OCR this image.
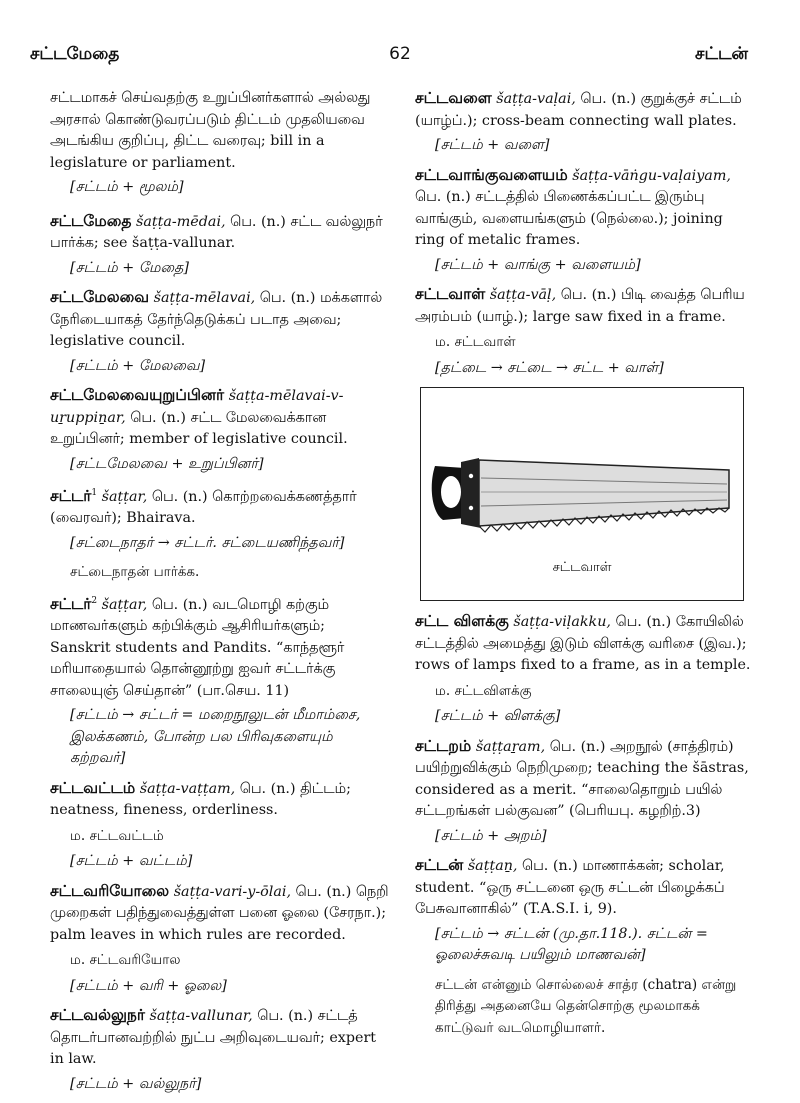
சட்டமேதை	62	சட்டன்
சட்டமாகச் செய்வதற்கு உறுப்பினர்களால் அல்லது அரசால் கொண்டுவரப்படும் திட்டம் முதலியவை அடங்கிய குறிப்பு, திட்ட வரைவு; bill in a legislature or parliament.
[சட்டம் + மூலம்]
சட்டமேதை šaṭṭa-mēdai, பெ. (n.) சட்ட வல்லுநர் பார்க்க; see šaṭṭa-vallunar.
[சட்டம் + மேதை]
சட்டமேலவை šaṭṭa-mēlavai, பெ. (n.) மக்களால் நேரிடையாகத் தேர்ந்தெடுக்கப் படாத அவை; legislative council.
[சட்டம் + மேலவை]
சட்டமேலவையுறுப்பினர் šaṭṭa-mēlavai-v-uṟuppiṉar, பெ. (n.) சட்ட மேலவைக்கான உறுப்பினர்; member of legislative council.
[சட்டமேலவை + உறுப்பினர்]
சட்டர்$^1$ šaṭṭar, பெ. (n.) கொற்றவைக்கணத்தார் (வைரவர்); Bhairava.
[சட்டைநாதர் → சட்டர். சட்டையணிந்தவர்]
சட்டைநாதன் பார்க்க.
சட்டர்$^2$ šaṭṭar, பெ. (n.) வடமொழி கற்கும் மாணவர்களும் கற்பிக்கும் ஆசிரியர்களும்; Sanskrit students and Pandits. “காந்தளூர் மரியாதையால் தொன்னூற்று ஐவர் சட்டர்க்கு சாலையுஞ் செய்தான்” (பா.செய. 11)
[சட்டம் → சட்டர் = மறைநூலுடன் மீமாம்சை, இலக்கணம், போன்ற பல பிரிவுகளையும் கற்றவர்]
சட்டவட்டம் šaṭṭa-vaṭṭam, பெ. (n.) திட்டம்; neatness, fineness, orderliness.
ம. சட்டவட்டம்
[சட்டம் + வட்டம்]
சட்டவரியோலை šaṭṭa-vari-y-ōlai, பெ. (n.) நெறி முறைகள் பதிந்துவைத்துள்ள பனை ஓலை (சேரநா.); palm leaves in which rules are recorded.
ம. சட்டவரியோல
[சட்டம் + வரி + ஓலை]
சட்டவல்லுநர் šaṭṭa-vallunar, பெ. (n.) சட்டத் தொடர்பானவற்றில் நுட்ப அறிவுடையவர்; expert in law.
[சட்டம் + வல்லுநர்]
சட்டவளை šaṭṭa-vaḷai, பெ. (n.) குறுக்குச் சட்டம் (யாழ்ப்.); cross-beam connecting wall plates.
[சட்டம் + வளை]
சட்டவாங்குவளையம் šaṭṭa-vāṅgu-vaḷaiyam, பெ. (n.) சட்டத்தில் பிணைக்கப்பட்ட இரும்பு வாங்கும், வளையங்களும் (நெல்லை.); joining ring of metalic frames.
[சட்டம் + வாங்கு + வளையம்]
சட்டவாள் šaṭṭa-vāḷ, பெ. (n.) பிடி வைத்த பெரிய அரம்பம் (யாழ்.); large saw fixed in a frame.
ம. சட்டவாள்
[தட்டை → சட்டை → சட்ட + வாள்]
சட்டவாள்
சட்ட விளக்கு šaṭṭa-viḷakku, பெ. (n.) கோயிலில் சட்டத்தில் அமைத்து இடும் விளக்கு வரிசை (இவ.); rows of lamps fixed to a frame, as in a temple.
ம. சட்டவிளக்கு
[சட்டம் + விளக்கு]
சட்டறம் šaṭṭaṟam, பெ. (n.) அறநூல் (சாத்திரம்) பயிற்றுவிக்கும் நெறிமுறை; teaching the šāstras, considered as a merit. “சாலைதொறும் பயில் சட்டறங்கள் பல்குவன” (பெரியபு. கழறிற்.3)
[சட்டம் + அறம்]
சட்டன் šaṭṭaṉ, பெ. (n.) மாணாக்கன்; scholar, student. “ஒரு சட்டனை ஒரு சட்டன் பிழைக்கப் பேசுவானாகில்” (T.A.S.I. i, 9).
[சட்டம் → சட்டன் (மு.தா.118.). சட்டன் = ஓலைச்சுவடி பயிலும் மாணவன்]
சட்டன் என்னும் சொல்லைச் சாத்ர (chatra) என்று திரித்து அதனையே தென்சொற்கு மூலமாகக் காட்டுவர் வடமொழியாளர்.
